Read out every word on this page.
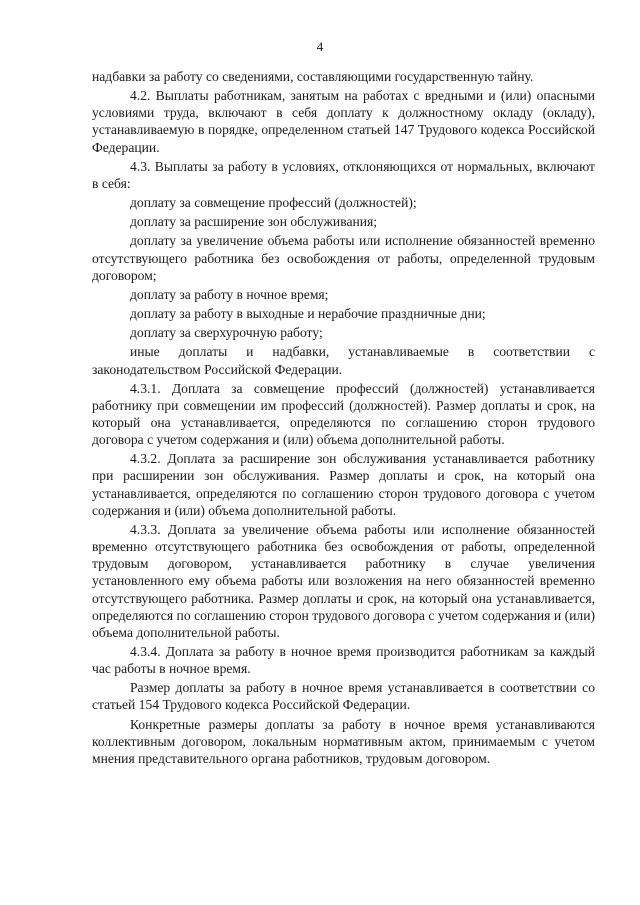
4

надбавки за работу со сведениями, составляющими государственную тайну.

4.2. Выплаты работникам, занятым на работах с вредными и (или) опасными условиями труда, включают в себя доплату к должностному окладу (окладу), устанавливаемую в порядке, определенном статьей 147 Трудового кодекса Российской Федерации.

4.3. Выплаты за работу в условиях, отклоняющихся от нормальных, включают в себя:

доплату за совмещение профессий (должностей);

доплату за расширение зон обслуживания;

доплату за увеличение объема работы или исполнение обязанностей временно отсутствующего работника без освобождения от работы, определенной трудовым договором;

доплату за работу в ночное время;

доплату за работу в выходные и нерабочие праздничные дни;

доплату за сверхурочную работу;

иные доплаты и надбавки, устанавливаемые в соответствии с законодательством Российской Федерации.

4.3.1. Доплата за совмещение профессий (должностей) устанавливается работнику при совмещении им профессий (должностей). Размер доплаты и срок, на который она устанавливается, определяются по соглашению сторон трудового договора с учетом содержания и (или) объема дополнительной работы.

4.3.2. Доплата за расширение зон обслуживания устанавливается работнику при расширении зон обслуживания. Размер доплаты и срок, на который она устанавливается, определяются по соглашению сторон трудового договора с учетом содержания и (или) объема дополнительной работы.

4.3.3. Доплата за увеличение объема работы или исполнение обязанностей временно отсутствующего работника без освобождения от работы, определенной трудовым договором, устанавливается работнику в случае увеличения установленного ему объема работы или возложения на него обязанностей временно отсутствующего работника. Размер доплаты и срок, на который она устанавливается, определяются по соглашению сторон трудового договора с учетом содержания и (или) объема дополнительной работы.

4.3.4. Доплата за работу в ночное время производится работникам за каждый час работы в ночное время.

Размер доплаты за работу в ночное время устанавливается в соответствии со статьей 154 Трудового кодекса Российской Федерации.

Конкретные размеры доплаты за работу в ночное время устанавливаются коллективным договором, локальным нормативным актом, принимаемым с учетом мнения представительного органа работников, трудовым договором.
